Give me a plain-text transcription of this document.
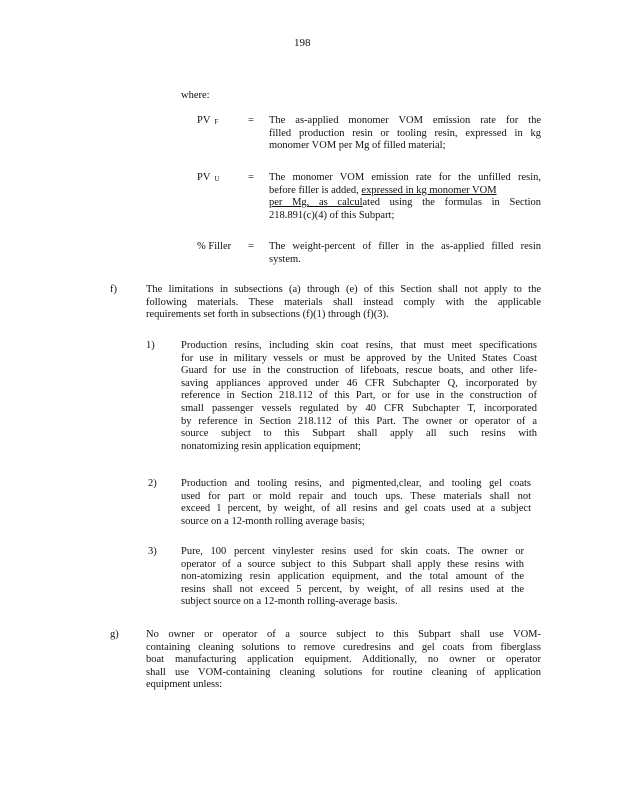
198
where:
PV $_F$	= The as-applied monomer VOM emission rate for the
filled production resin or tooling resin, expressed in kg
monomer VOM per Mg of filled material;
PV $_U$	= The monomer VOM emission rate for the unfilled resin,
before filler is added, expressed in kg monomer VOM
per Mg, as calculated using the formulas in Section
218.891(c)(4) of this Subpart;
% Filler	= The weight-percent of filler in the as-applied filled resin
system.
f)	The limitations in subsections (a) through (e) of this Section shall not apply to the
following materials. These materials shall instead comply with the applicable
requirements set forth in subsections (f)(1) through (f)(3).
1)	Production resins, including skin coat resins, that must meet specifications
for use in military vessels or must be approved by the United States Coast
Guard for use in the construction of lifeboats, rescue boats, and other life-
saving appliances approved under 46 CFR Subchapter Q, incorporated by
reference in Section 218.112 of this Part, or for use in the construction of
small passenger vessels regulated by 40 CFR Subchapter T, incorporated
by reference in Section 218.112 of this Part. The owner or operator of a
source subject to this Subpart shall apply all such resins with
nonatomizing resin application equipment;
2) Production and tooling resins, and pigmented,clear, and tooling gel coats
used for part or mold repair and touch ups. These materials shall not
exceed 1 percent, by weight, of all resins and gel coats used at a subject
source on a 12-month rolling average basis;
3) Pure, 100 percent vinylester resins used for skin coats. The owner or
operator of a source subject to this Subpart shall apply these resins with
non-atomizing resin application equipment, and the total amount of the
resins shall not exceed 5 percent, by weight, of all resins used at the
subject source on a 12-month rolling-average basis.
g)	No owner or operator of a source subject to this Subpart shall use VOM-
containing cleaning solutions to remove curedresins and gel coats from fiberglass
boat manufacturing application equipment. Additionally, no owner or operator
shall use VOM-containing cleaning solutions for routine cleaning of application
equipment unless:
